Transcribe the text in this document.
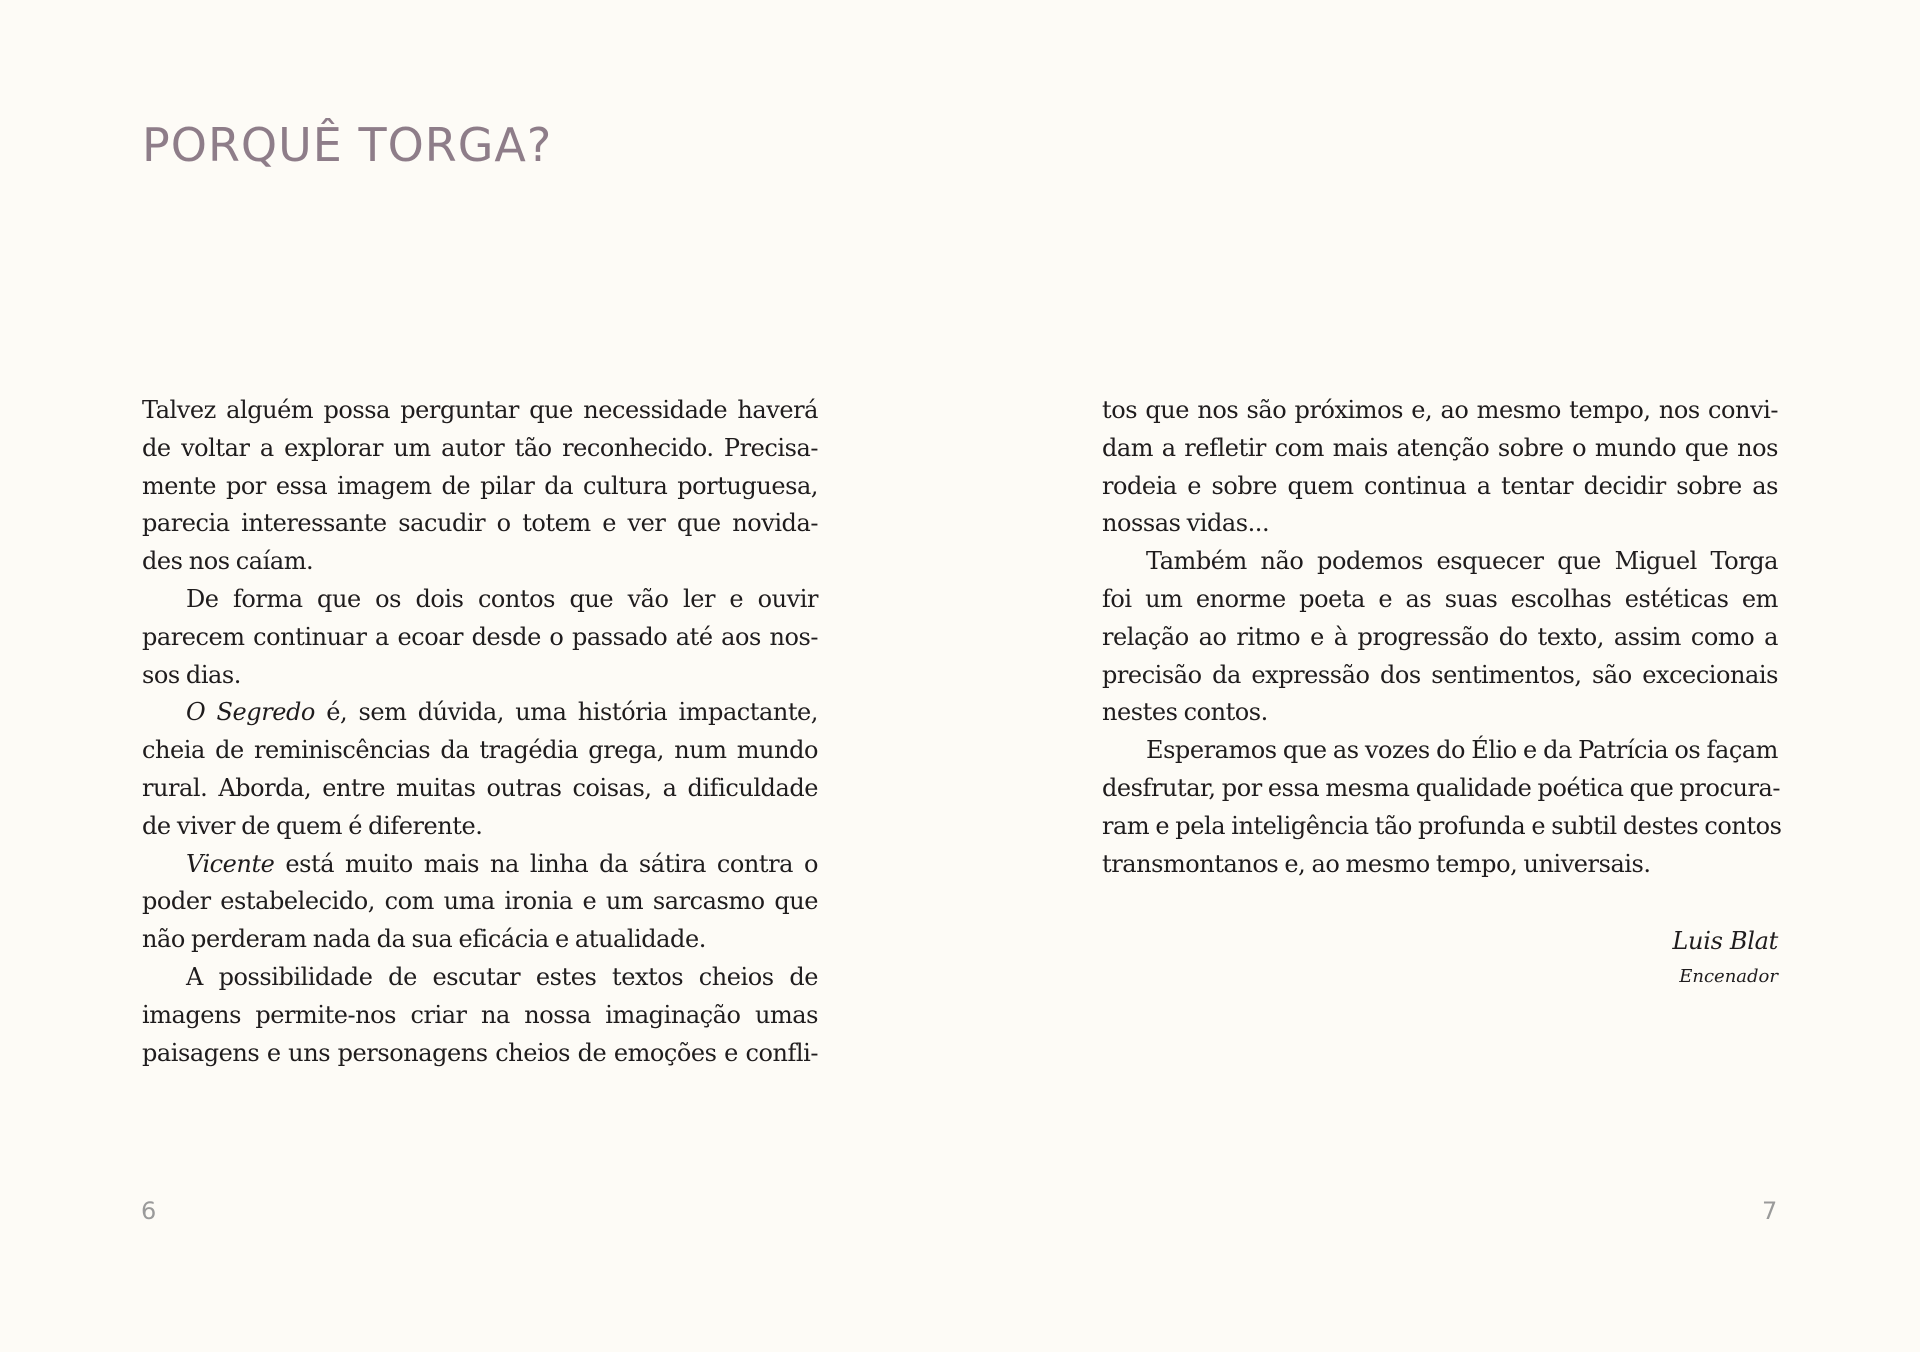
PORQUÊ TORGA?
Talvez alguém possa perguntar que necessidade haverá
de voltar a explorar um autor tão reconhecido. Precisa-
mente por essa imagem de pilar da cultura portuguesa,
parecia interessante sacudir o totem e ver que novida-
des nos caíam.
De forma que os dois contos que vão ler e ouvir
parecem continuar a ecoar desde o passado até aos nos-
sos dias.
O Segredo é, sem dúvida, uma história impactante,
cheia de reminiscências da tragédia grega, num mundo
rural. Aborda, entre muitas outras coisas, a dificuldade
de viver de quem é diferente.
Vicente está muito mais na linha da sátira contra o
poder estabelecido, com uma ironia e um sarcasmo que
não perderam nada da sua eficácia e atualidade.
A possibilidade de escutar estes textos cheios de
imagens permite-nos criar na nossa imaginação umas
paisagens e uns personagens cheios de emoções e confli-
tos que nos são próximos e, ao mesmo tempo, nos convi-
dam a refletir com mais atenção sobre o mundo que nos
rodeia e sobre quem continua a tentar decidir sobre as
nossas vidas...
Também não podemos esquecer que Miguel Torga
foi um enorme poeta e as suas escolhas estéticas em
relação ao ritmo e à progressão do texto, assim como a
precisão da expressão dos sentimentos, são excecionais
nestes contos.
Esperamos que as vozes do Élio e da Patrícia os façam
desfrutar, por essa mesma qualidade poética que procura-
ram e pela inteligência tão profunda e subtil destes contos
transmontanos e, ao mesmo tempo, universais.
Luis Blat
Encenador
6	7
